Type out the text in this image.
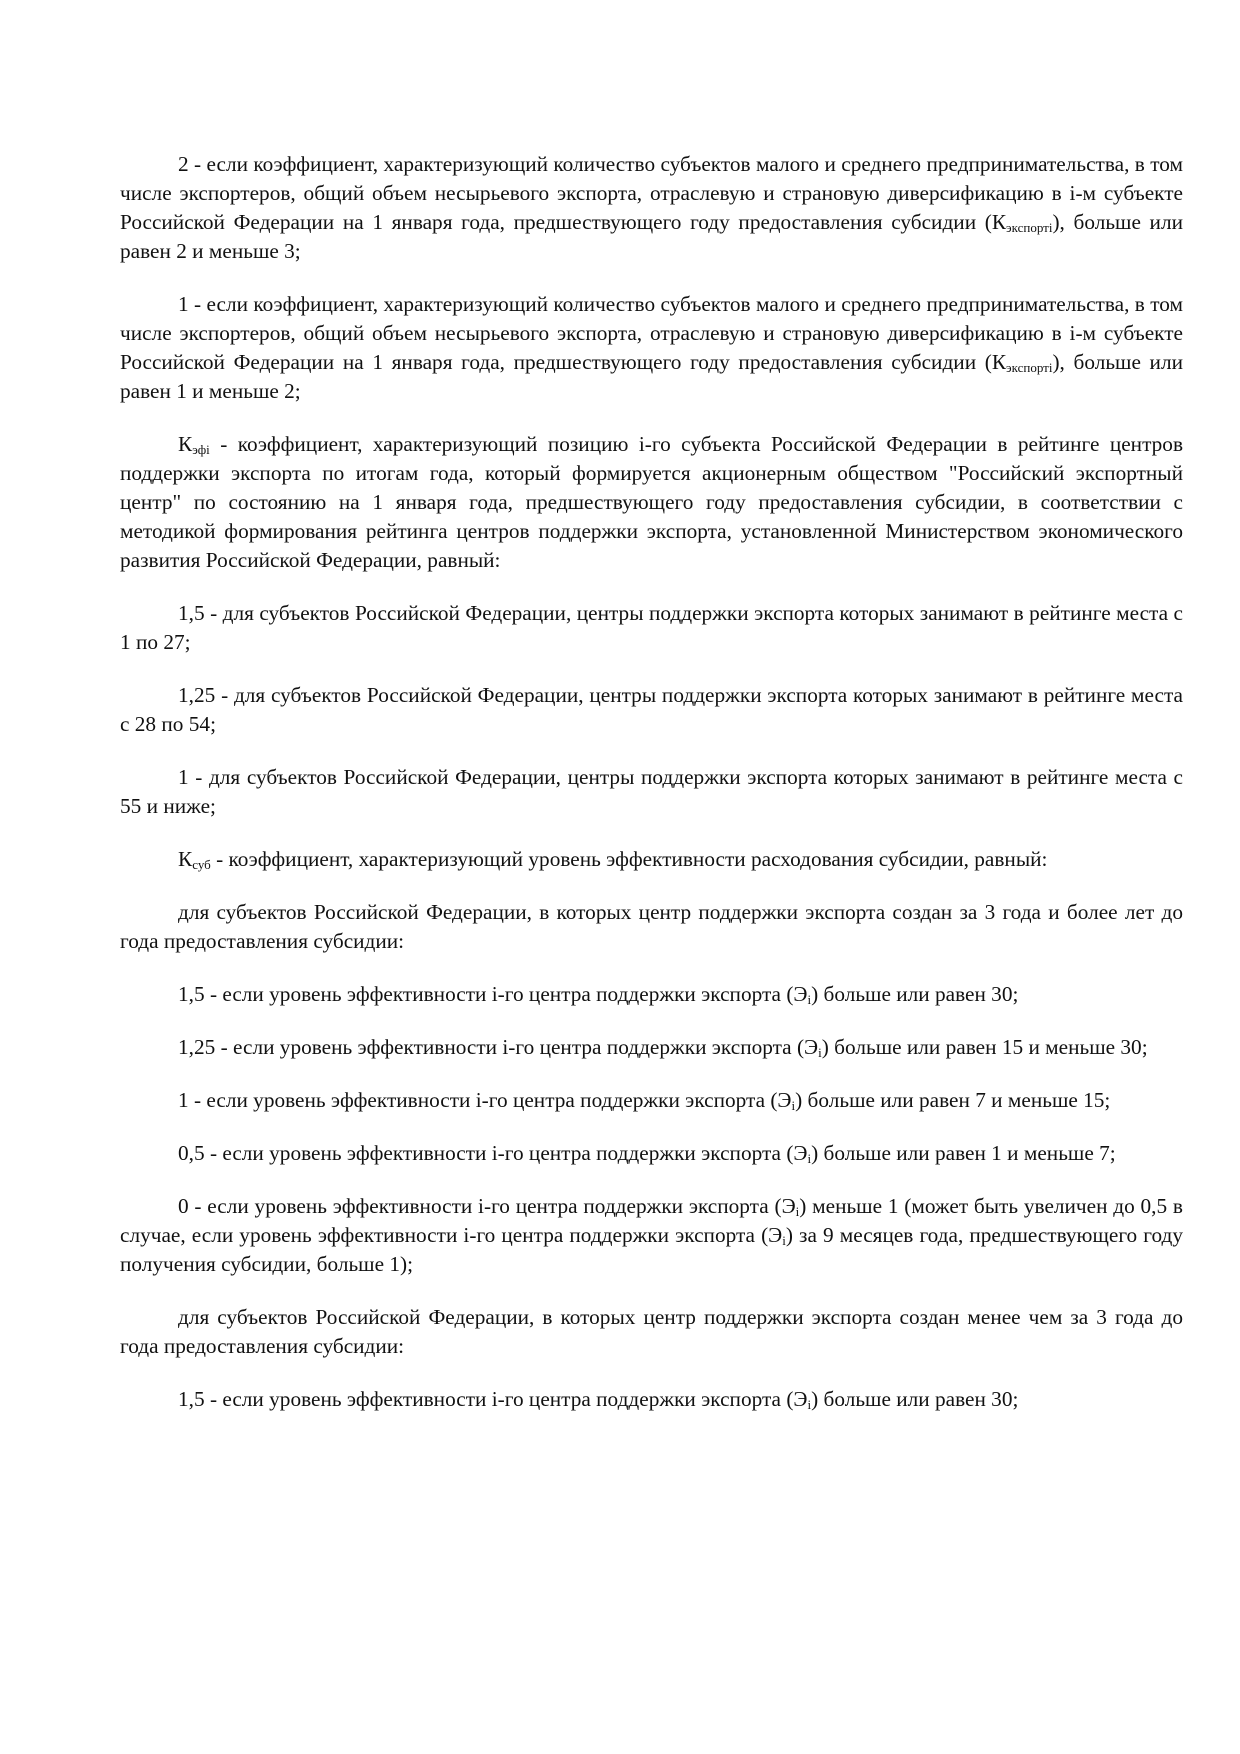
2 - если коэффициент, характеризующий количество субъектов малого и среднего предпринимательства, в том числе экспортеров, общий объем несырьевого экспорта, отраслевую и страновую диверсификацию в i-м субъекте Российской Федерации на 1 января года, предшествующего году предоставления субсидии $(К_{экспортi})$, больше или равен 2 и меньше 3;

1 - если коэффициент, характеризующий количество субъектов малого и среднего предпринимательства, в том числе экспортеров, общий объем несырьевого экспорта, отраслевую и страновую диверсификацию в i-м субъекте Российской Федерации на 1 января года, предшествующего году предоставления субсидии $(К_{экспортi})$, больше или равен 1 и меньше 2;

$К_{эфi}$ - коэффициент, характеризующий позицию i-го субъекта Российской Федерации в рейтинге центров поддержки экспорта по итогам года, который формируется акционерным обществом "Российский экспортный центр" по состоянию на 1 января года, предшествующего году предоставления субсидии, в соответствии с методикой формирования рейтинга центров поддержки экспорта, установленной Министерством экономического развития Российской Федерации, равный:

1,5 - для субъектов Российской Федерации, центры поддержки экспорта которых занимают в рейтинге места с 1 по 27;

1,25 - для субъектов Российской Федерации, центры поддержки экспорта которых занимают в рейтинге места с 28 по 54;

1 - для субъектов Российской Федерации, центры поддержки экспорта которых занимают в рейтинге места с 55 и ниже;

$К_{суб}$ - коэффициент, характеризующий уровень эффективности расходования субсидии, равный:

для субъектов Российской Федерации, в которых центр поддержки экспорта создан за 3 года и более лет до года предоставления субсидии:

1,5 - если уровень эффективности i-го центра поддержки экспорта $(Э_i)$ больше или равен 30;

1,25 - если уровень эффективности i-го центра поддержки экспорта $(Э_i)$ больше или равен 15 и меньше 30;

1 - если уровень эффективности i-го центра поддержки экспорта $(Э_i)$ больше или равен 7 и меньше 15;

0,5 - если уровень эффективности i-го центра поддержки экспорта $(Э_i)$ больше или равен 1 и меньше 7;

0 - если уровень эффективности i-го центра поддержки экспорта $(Э_i)$ меньше 1 (может быть увеличен до 0,5 в случае, если уровень эффективности i-го центра поддержки экспорта $(Э_i)$ за 9 месяцев года, предшествующего году получения субсидии, больше 1);

для субъектов Российской Федерации, в которых центр поддержки экспорта создан менее чем за 3 года до года предоставления субсидии:

1,5 - если уровень эффективности i-го центра поддержки экспорта $(Э_i)$ больше или равен 30;
